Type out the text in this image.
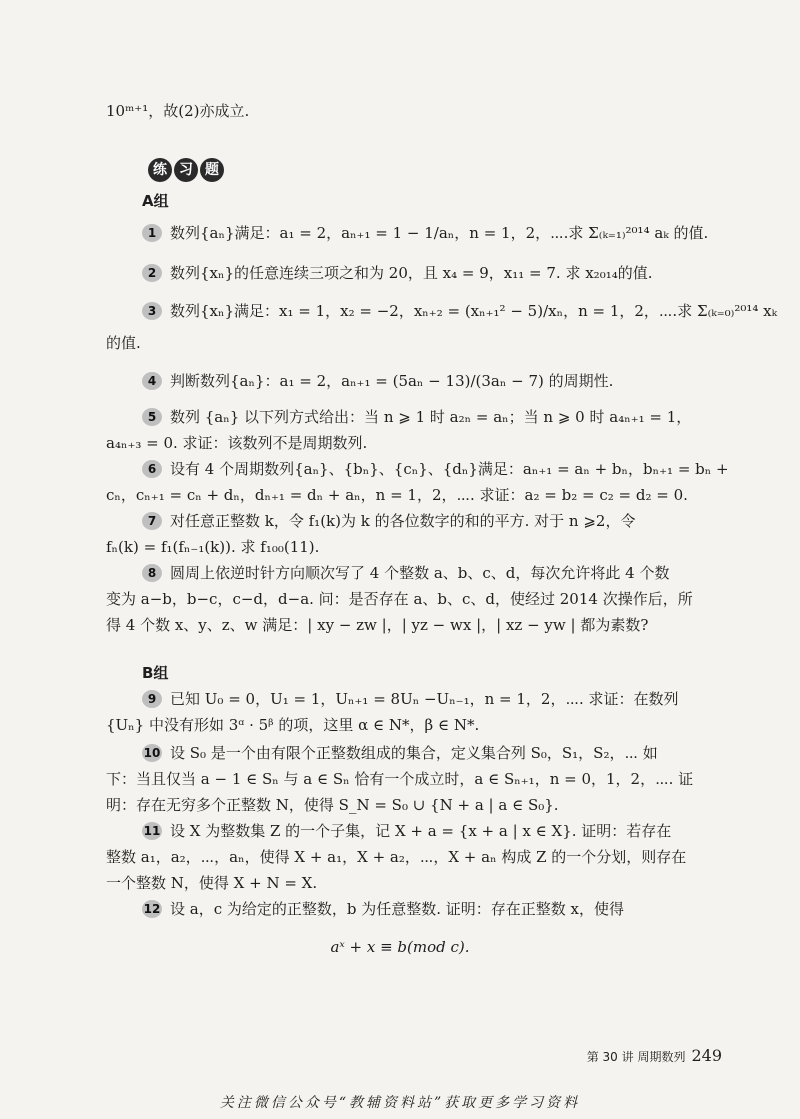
10ᵐ⁺¹，故(2)亦成立.
练 习 题
A组
1 数列{aₙ}满足：a₁ = 2，aₙ₊₁ = 1 − 1/aₙ，n = 1，2，⋯.求 Σ₍ₖ₌₁₎²⁰¹⁴ aₖ 的值.
2 数列{xₙ}的任意连续三项之和为 20，且 x₄ = 9，x₁₁ = 7. 求 x₂₀₁₄的值.
3 数列{xₙ}满足：x₁ = 1，x₂ = −2，xₙ₊₂ = (xₙ₊₁² − 5)/xₙ，n = 1，2，⋯.求 Σ₍ₖ₌₀₎²⁰¹⁴ xₖ
的值.
4 判断数列{aₙ}：a₁ = 2，aₙ₊₁ = (5aₙ − 13)/(3aₙ − 7) 的周期性.
5 数列 {aₙ} 以下列方式给出：当 n ⩾ 1 时 a₂ₙ = aₙ；当 n ⩾ 0 时 a₄ₙ₊₁ = 1，
a₄ₙ₊₃ = 0. 求证：该数列不是周期数列.
6 设有 4 个周期数列{aₙ}、{bₙ}、{cₙ}、{dₙ}满足：aₙ₊₁ = aₙ + bₙ，bₙ₊₁ = bₙ +
cₙ，cₙ₊₁ = cₙ + dₙ，dₙ₊₁ = dₙ + aₙ，n = 1，2，⋯. 求证：a₂ = b₂ = c₂ = d₂ = 0.
7 对任意正整数 k，令 f₁(k)为 k 的各位数字的和的平方. 对于 n ⩾2，令
fₙ(k) = f₁(fₙ₋₁(k)). 求 f₁₀₀(11).
8 圆周上依逆时针方向顺次写了 4 个整数 a、b、c、d，每次允许将此 4 个数
变为 a−b，b−c，c−d，d−a. 问：是否存在 a、b、c、d，使经过 2014 次操作后，所
得 4 个数 x、y、z、w 满足：| xy − zw |，| yz − wx |，| xz − yw | 都为素数?
B组
9 已知 U₀ = 0，U₁ = 1，Uₙ₊₁ = 8Uₙ −Uₙ₋₁，n = 1，2，⋯. 求证：在数列
{Uₙ} 中没有形如 3ᵅ · 5ᵝ 的项，这里 α ∈ N*，β ∈ N*.
10 设 S₀ 是一个由有限个正整数组成的集合，定义集合列 S₀，S₁，S₂，⋯ 如
下：当且仅当 a − 1 ∈ Sₙ 与 a ∈ Sₙ 恰有一个成立时，a ∈ Sₙ₊₁，n = 0，1，2，⋯. 证
明：存在无穷多个正整数 N，使得 S_N = S₀ ∪ {N + a | a ∈ S₀}.
11 设 X 为整数集 Z 的一个子集，记 X + a = {x + a | x ∈ X}. 证明：若存在
整数 a₁，a₂，⋯，aₙ，使得 X + a₁，X + a₂，⋯，X + aₙ 构成 Z 的一个分划，则存在
一个整数 N，使得 X + N = X.
12 设 a，c 为给定的正整数，b 为任意整数. 证明：存在正整数 x，使得
aˣ + x ≡ b(mod c).
第 30 讲 周期数列 249
关注微信公众号“教辅资料站”获取更多学习资料
